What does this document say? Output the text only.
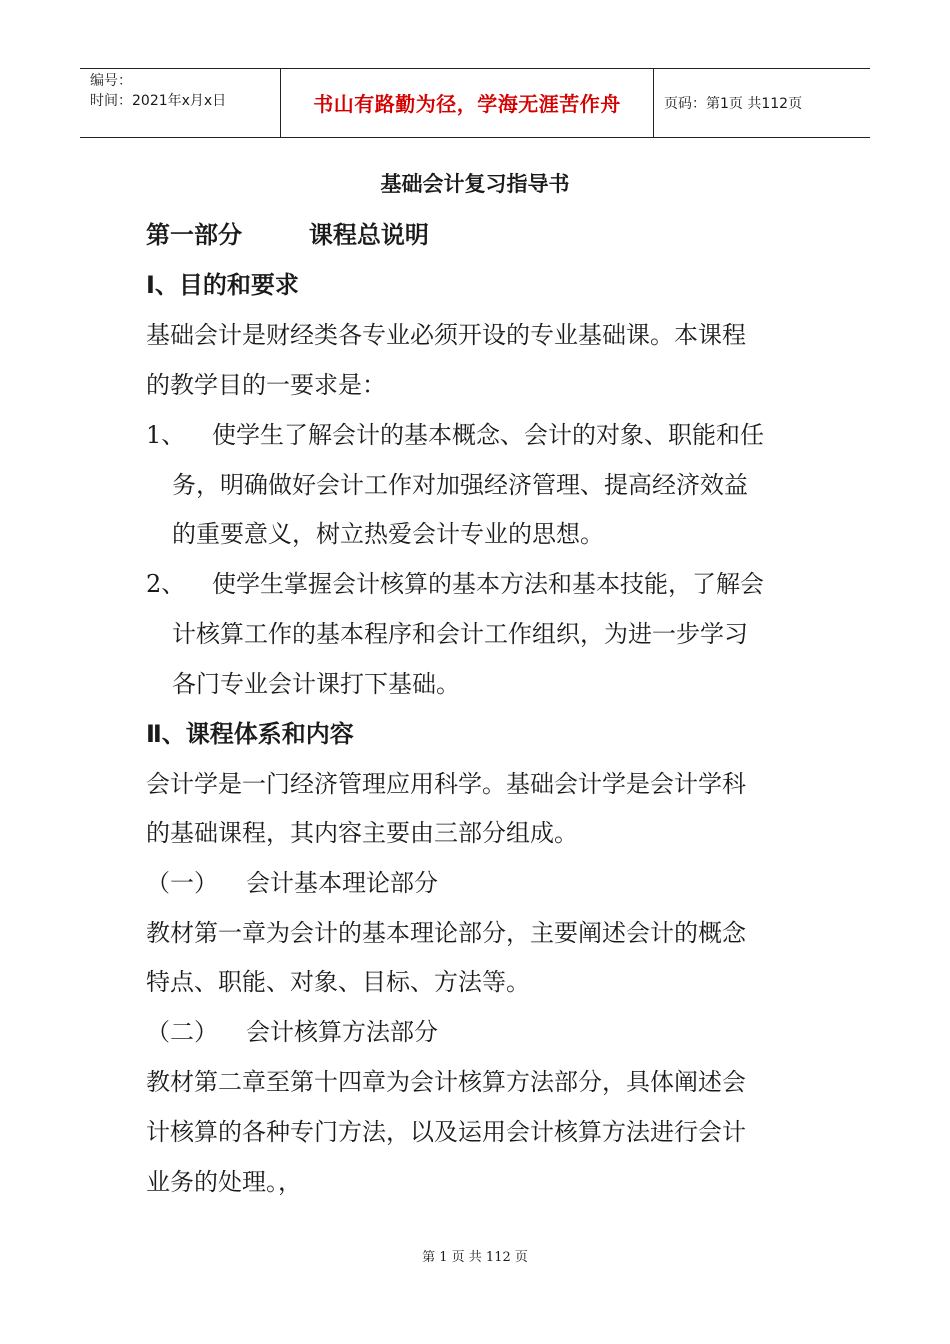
编号：
时间：2021年x月x日	书山有路勤为径，学海无涯苦作舟	页码：第1页 共112页
基础会计复习指导书
第一部分        课程总说明
Ⅰ、目的和要求
基础会计是财经类各专业必须开设的专业基础课。本课程
的教学目的一要求是：
1、 使学生了解会计的基本概念、会计的对象、职能和任
务，明确做好会计工作对加强经济管理、提高经济效益
的重要意义，树立热爱会计专业的思想。
2、 使学生掌握会计核算的基本方法和基本技能，了解会
计核算工作的基本程序和会计工作组织，为进一步学习
各门专业会计课打下基础。
Ⅱ、课程体系和内容
会计学是一门经济管理应用科学。基础会计学是会计学科
的基础课程，其内容主要由三部分组成。
（一） 会计基本理论部分
教材第一章为会计的基本理论部分，主要阐述会计的概念
特点、职能、对象、目标、方法等。
（二） 会计核算方法部分
教材第二章至第十四章为会计核算方法部分，具体阐述会
计核算的各种专门方法，以及运用会计核算方法进行会计
业务的处理。，
第 1 页 共 112 页
